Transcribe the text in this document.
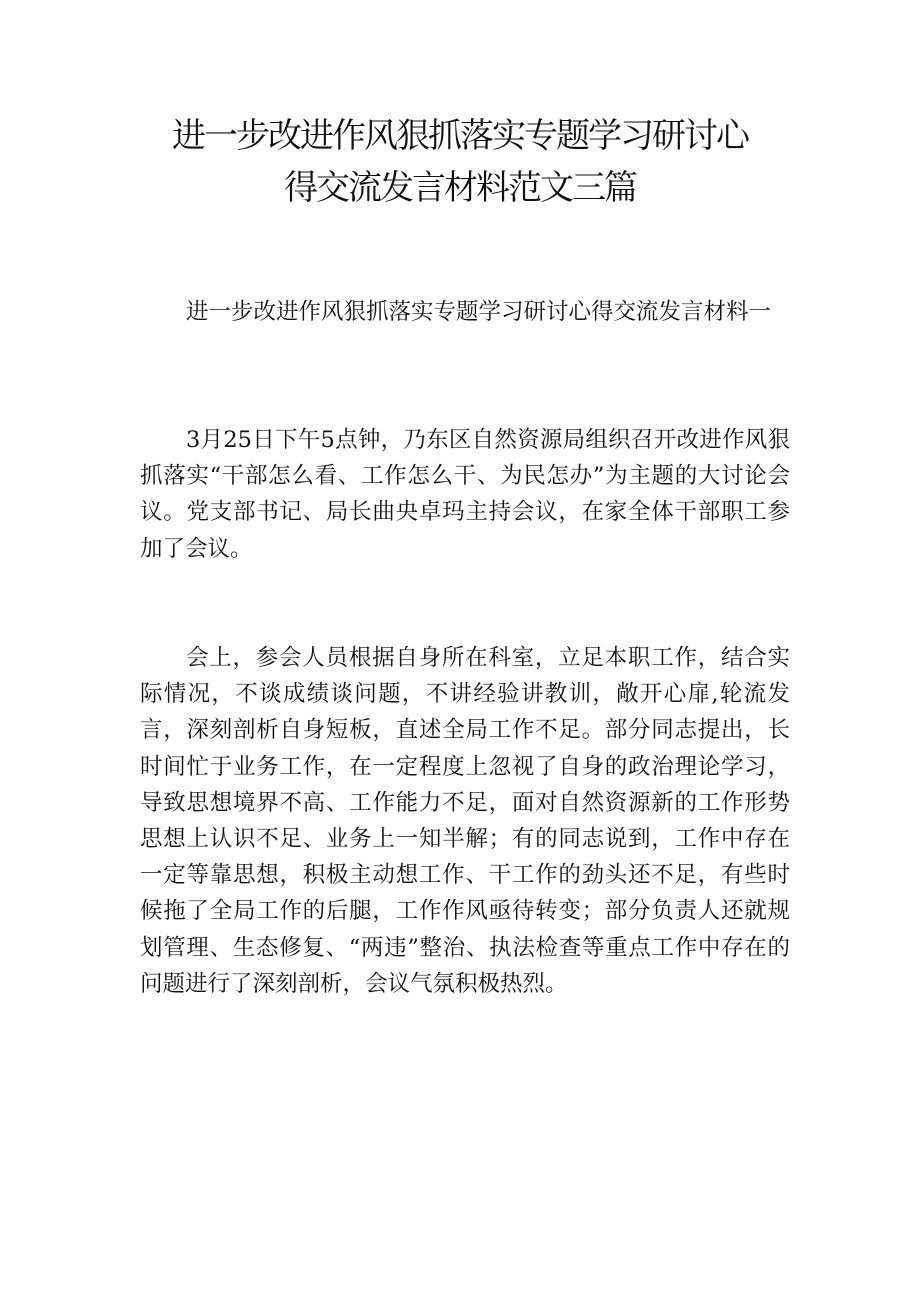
进一步改进作风狠抓落实专题学习研讨心
得交流发言材料范文三篇

进一步改进作风狠抓落实专题学习研讨心得交流发言材料一

3月25日下午5点钟，乃东区自然资源局组织召开改进作风狠抓落实“干部怎么看、工作怎么干、为民怎办”为主题的大讨论会议。党支部书记、局长曲央卓玛主持会议，在家全体干部职工参加了会议。

会上，参会人员根据自身所在科室，立足本职工作，结合实际情况，不谈成绩谈问题，不讲经验讲教训，敞开心扉,轮流发言，深刻剖析自身短板，直述全局工作不足。部分同志提出，长时间忙于业务工作，在一定程度上忽视了自身的政治理论学习，导致思想境界不高、工作能力不足，面对自然资源新的工作形势思想上认识不足、业务上一知半解；有的同志说到，工作中存在一定等靠思想，积极主动想工作、干工作的劲头还不足，有些时候拖了全局工作的后腿，工作作风亟待转变；部分负责人还就规划管理、生态修复、“两违”整治、执法检查等重点工作中存在的问题进行了深刻剖析，会议气氛积极热烈。
